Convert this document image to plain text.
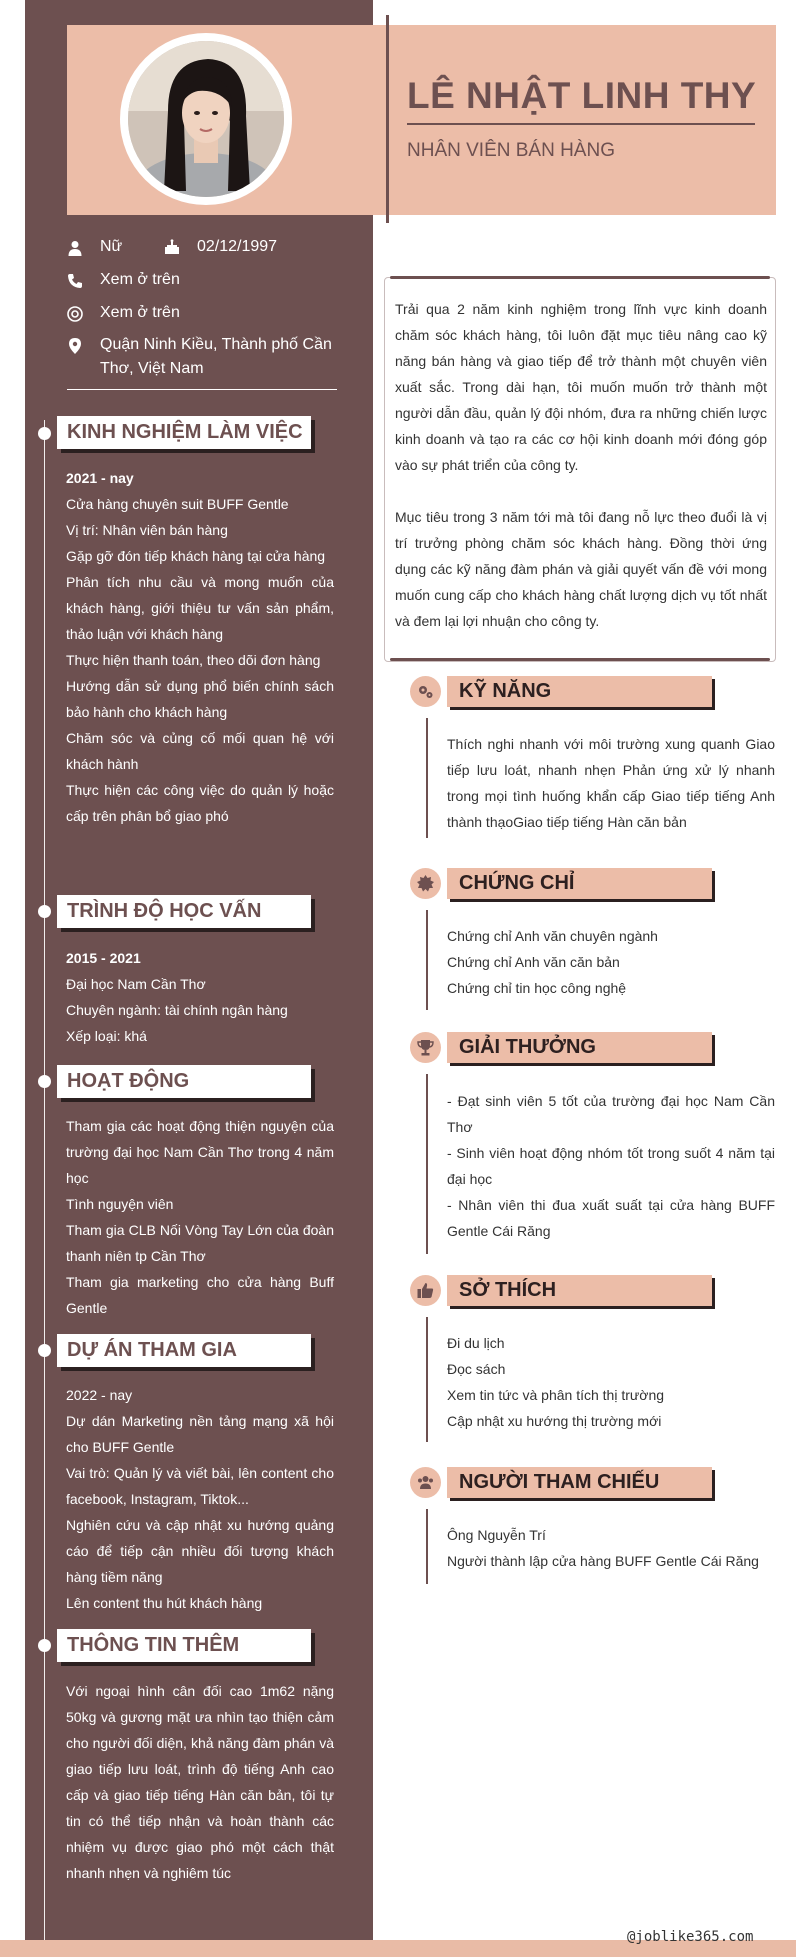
LÊ NHẬT LINH THY
NHÂN VIÊN BÁN HÀNG
Nữ	02/12/1997
Xem ở trên
Xem ở trên
Quận Ninh Kiều, Thành phố Cần
Thơ, Việt Nam
KINH NGHIỆM LÀM VIỆC

2021 - nay

Cửa hàng chuyên suit BUFF Gentle

Vị trí: Nhân viên bán hàng

Gặp gỡ đón tiếp khách hàng tại cửa hàng

Phân tích nhu cầu và mong muốn của khách hàng, giới thiệu tư vấn sản phẩm, thảo luận với khách hàng

Thực hiện thanh toán, theo dõi đơn hàng

Hướng dẫn sử dụng phổ biến chính sách bảo hành cho khách hàng

Chăm sóc và củng cố mối quan hệ với khách hành

Thực hiện các công việc do quản lý hoặc cấp trên phân bổ giao phó

TRÌNH ĐỘ HỌC VẤN

2015 - 2021

Đại học Nam Cần Thơ

Chuyên ngành: tài chính ngân hàng

Xếp loại: khá

HOẠT ĐỘNG

Tham gia các hoạt động thiện nguyện của trường đại học Nam Cần Thơ trong 4 năm học

Tình nguyện viên

Tham gia CLB Nối Vòng Tay Lớn của đoàn thanh niên tp Cần Thơ

Tham gia marketing cho cửa hàng Buff Gentle

DỰ ÁN THAM GIA

2022 - nay

Dự dán Marketing nền tảng mạng xã hội cho BUFF Gentle

Vai trò: Quản lý và viết bài, lên content cho facebook, Instagram, Tiktok...

Nghiên cứu và cập nhật xu hướng quảng cáo để tiếp cận nhiều đối tượng khách hàng tiềm năng

Lên content thu hút khách hàng

THÔNG TIN THÊM

Với ngoại hình cân đối cao 1m62 nặng 50kg và gương mặt ưa nhìn tạo thiện cảm cho người đối diện, khả năng đàm phán và giao tiếp lưu loát, trình độ tiếng Anh cao cấp và giao tiếp tiếng Hàn căn bản, tôi tự tin có thể tiếp nhận và hoàn thành các nhiệm vụ được giao phó một cách thật nhanh nhẹn và nghiêm túc

Trải qua 2 năm kinh nghiệm trong lĩnh vực kinh doanh chăm sóc khách hàng, tôi luôn đặt mục tiêu nâng cao kỹ năng bán hàng và giao tiếp để trở thành một chuyên viên xuất sắc. Trong dài hạn, tôi muốn muốn trở thành một người dẫn đầu, quản lý đội nhóm, đưa ra những chiến lược kinh doanh và tạo ra các cơ hội kinh doanh mới đóng góp vào sự phát triển của công ty.
Mục tiêu trong 3 năm tới mà tôi đang nỗ lực theo đuổi là vị trí trưởng phòng chăm sóc khách hàng. Đồng thời ứng dụng các kỹ năng đàm phán và giải quyết vấn đề với mong muốn cung cấp cho khách hàng chất lượng dịch vụ tốt nhất và đem lại lợi nhuận cho công ty.
KỸ NĂNG

Thích nghi nhanh với môi trường xung quanh Giao tiếp lưu loát, nhanh nhẹn Phản ứng xử lý nhanh trong mọi tình huống khẩn cấp Giao tiếp tiếng Anh thành thạoGiao tiếp tiếng Hàn căn bản

CHỨNG CHỈ

Chứng chỉ Anh văn chuyên ngành

Chứng chỉ Anh văn căn bản

Chứng chỉ tin học công nghệ

GIẢI THƯỞNG

- Đạt sinh viên 5 tốt của trường đại học Nam Cần Thơ

- Sinh viên hoạt động nhóm tốt trong suốt 4 năm tại đại học

- Nhân viên thi đua xuất suất tại cửa hàng BUFF Gentle Cái Răng

SỞ THÍCH

Đi du lịch

Đọc sách

Xem tin tức và phân tích thị trường

Cập nhật xu hướng thị trường mới

NGƯỜI THAM CHIẾU

Ông Nguyễn Trí

Người thành lập cửa hàng BUFF Gentle Cái Răng

@joblike365.com
